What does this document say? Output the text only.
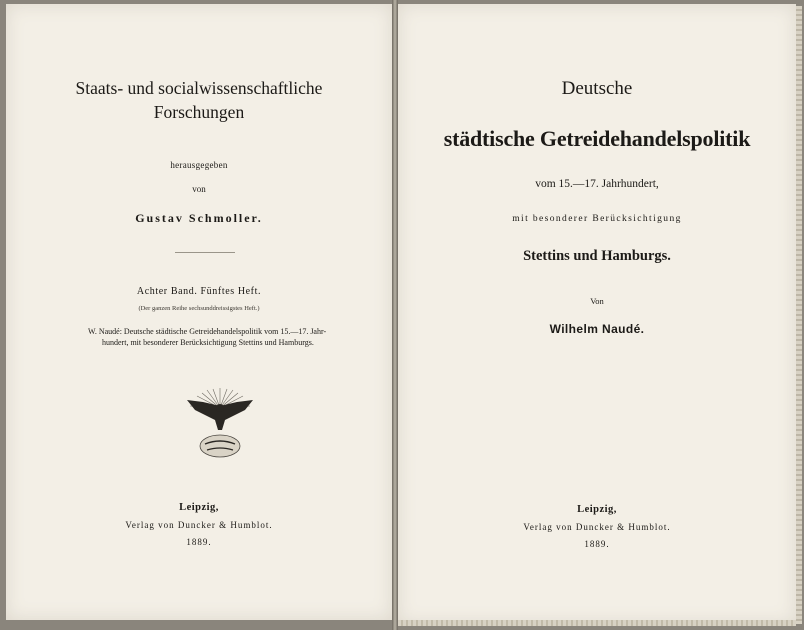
Staats- und socialwissenschaftliche
Forschungen
herausgegeben
von
Gustav Schmoller.
Achter Band. Fünftes Heft.
(Der ganzen Reihe sechsunddreissigstes Heft.)
W. Naudé: Deutsche städtische Getreidehandelspolitik vom 15.—17. Jahr-
hundert, mit besonderer Berücksichtigung Stettins und Hamburgs.
Leipzig,
Verlag von Duncker & Humblot.
1889.
Deutsche
städtische Getreidehandelspolitik
vom 15.—17. Jahrhundert,
mit besonderer Berücksichtigung
Stettins und Hamburgs.
Von
Wilhelm Naudé.
Leipzig,
Verlag von Duncker & Humblot.
1889.
